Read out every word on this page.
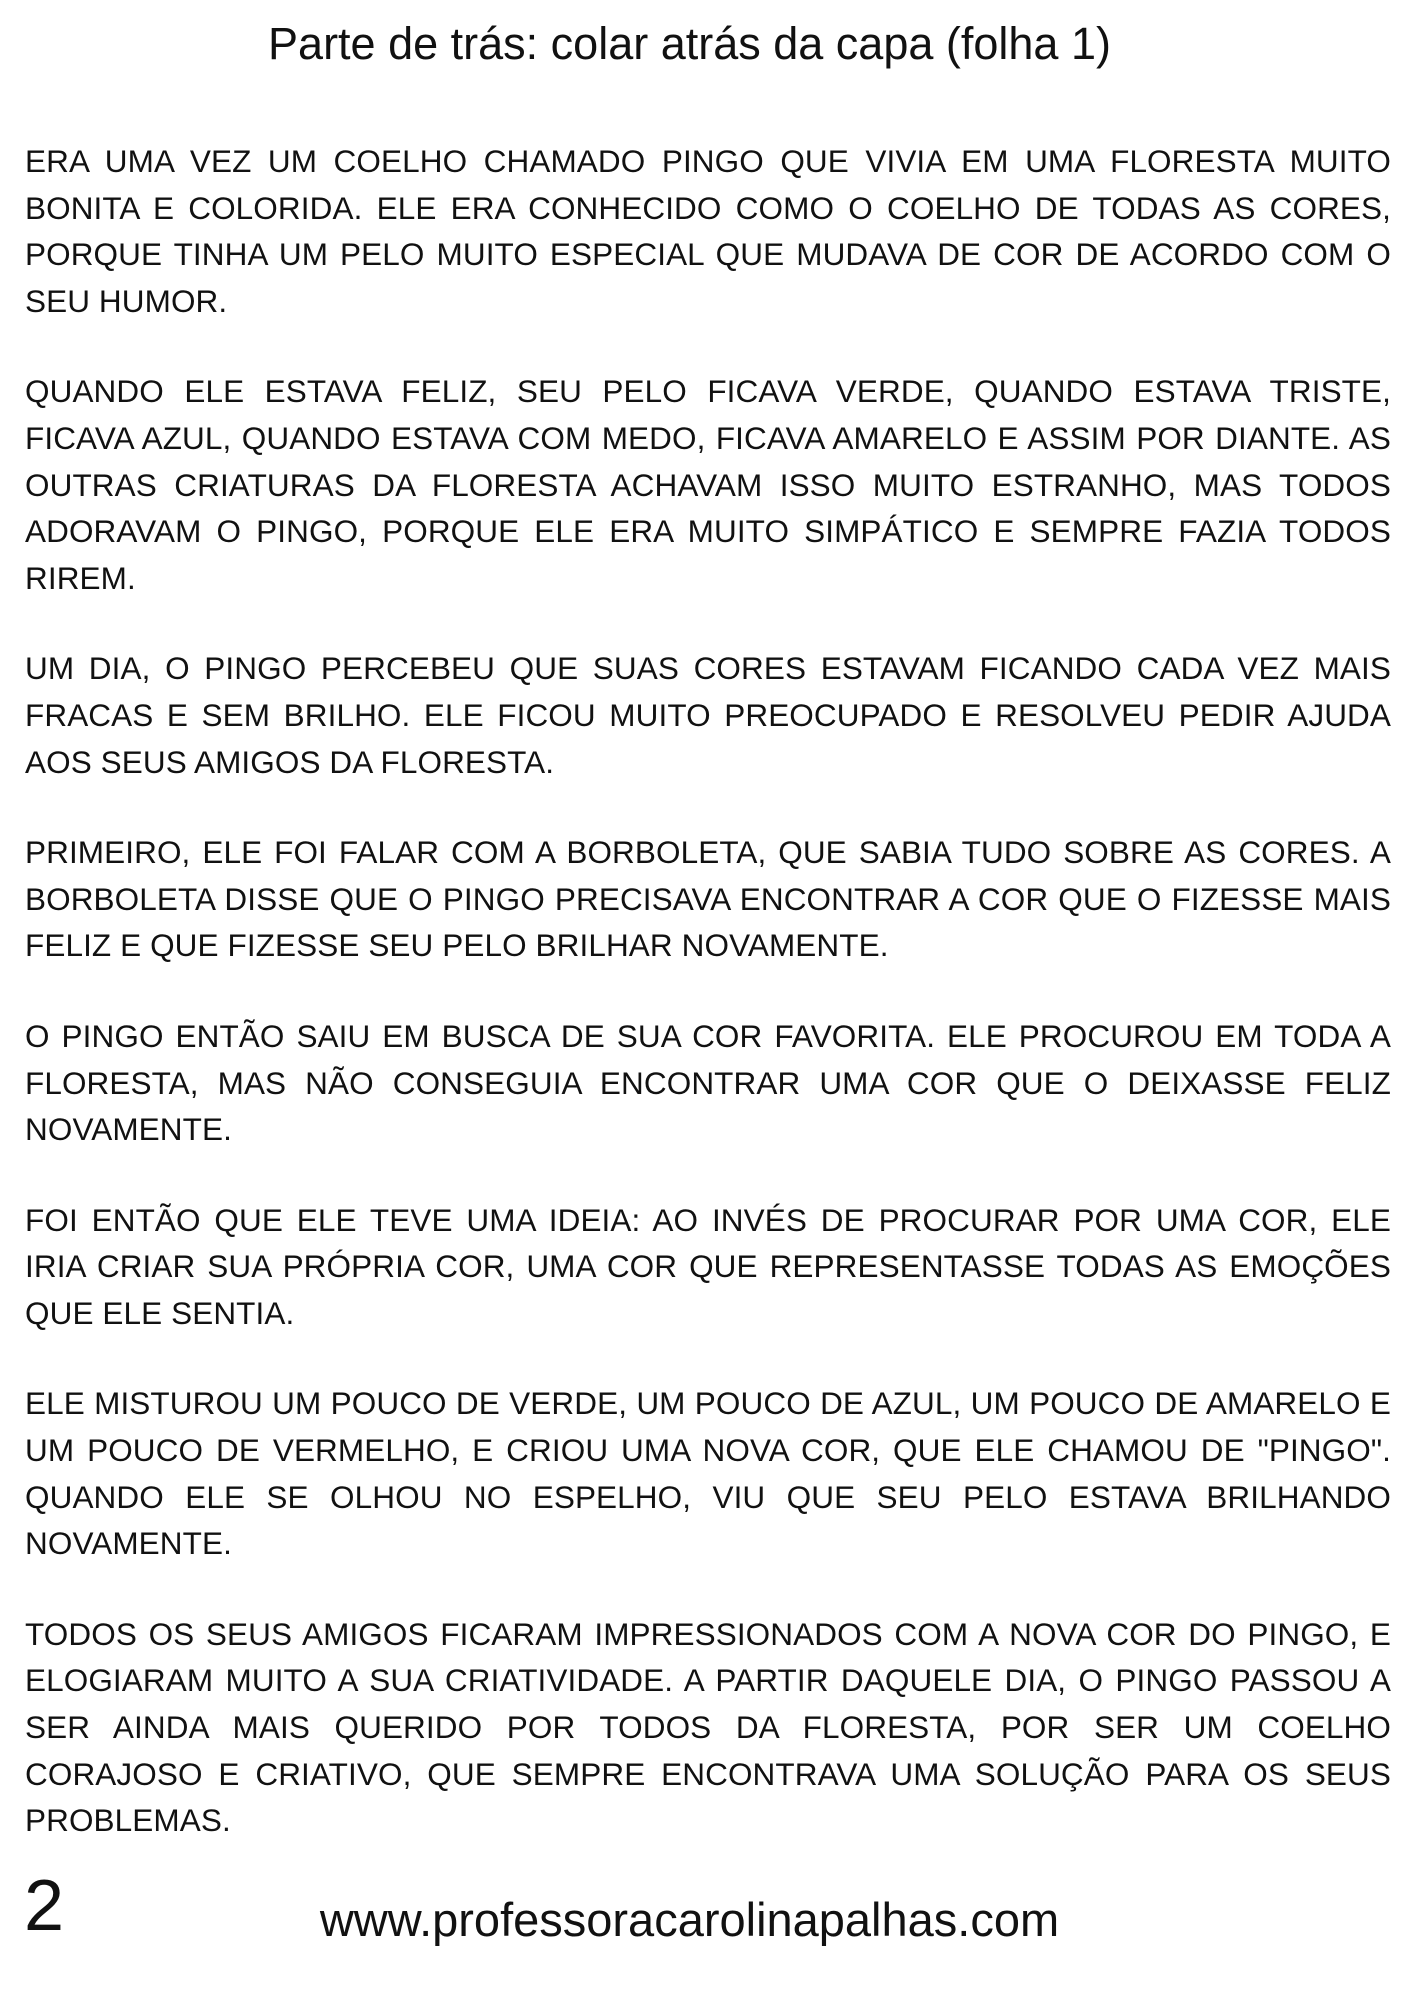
Parte de trás: colar atrás da capa (folha 1)

ERA UMA VEZ UM COELHO CHAMADO PINGO QUE VIVIA EM UMA FLORESTA MUITO BONITA E COLORIDA. ELE ERA CONHECIDO COMO O COELHO DE TODAS AS CORES, PORQUE TINHA UM PELO MUITO ESPECIAL QUE MUDAVA DE COR DE ACORDO COM O SEU HUMOR.

QUANDO ELE ESTAVA FELIZ, SEU PELO FICAVA VERDE, QUANDO ESTAVA TRISTE, FICAVA AZUL, QUANDO ESTAVA COM MEDO, FICAVA AMARELO E ASSIM POR DIANTE. AS OUTRAS CRIATURAS DA FLORESTA ACHAVAM ISSO MUITO ESTRANHO, MAS TODOS ADORAVAM O PINGO, PORQUE ELE ERA MUITO SIMPÁTICO E SEMPRE FAZIA TODOS RIREM.

UM DIA, O PINGO PERCEBEU QUE SUAS CORES ESTAVAM FICANDO CADA VEZ MAIS FRACAS E SEM BRILHO. ELE FICOU MUITO PREOCUPADO E RESOLVEU PEDIR AJUDA AOS SEUS AMIGOS DA FLORESTA.

PRIMEIRO, ELE FOI FALAR COM A BORBOLETA, QUE SABIA TUDO SOBRE AS CORES. A BORBOLETA DISSE QUE O PINGO PRECISAVA ENCONTRAR A COR QUE O FIZESSE MAIS FELIZ E QUE FIZESSE SEU PELO BRILHAR NOVAMENTE.

O PINGO ENTÃO SAIU EM BUSCA DE SUA COR FAVORITA. ELE PROCUROU EM TODA A FLORESTA, MAS NÃO CONSEGUIA ENCONTRAR UMA COR QUE O DEIXASSE FELIZ NOVAMENTE.

FOI ENTÃO QUE ELE TEVE UMA IDEIA: AO INVÉS DE PROCURAR POR UMA COR, ELE IRIA CRIAR SUA PRÓPRIA COR, UMA COR QUE REPRESENTASSE TODAS AS EMOÇÕES QUE ELE SENTIA.

ELE MISTUROU UM POUCO DE VERDE, UM POUCO DE AZUL, UM POUCO DE AMARELO E UM POUCO DE VERMELHO, E CRIOU UMA NOVA COR, QUE ELE CHAMOU DE "PINGO". QUANDO ELE SE OLHOU NO ESPELHO, VIU QUE SEU PELO ESTAVA BRILHANDO NOVAMENTE.

TODOS OS SEUS AMIGOS FICARAM IMPRESSIONADOS COM A NOVA COR DO PINGO, E ELOGIARAM MUITO A SUA CRIATIVIDADE. A PARTIR DAQUELE DIA, O PINGO PASSOU A SER AINDA MAIS QUERIDO POR TODOS DA FLORESTA, POR SER UM COELHO CORAJOSO E CRIATIVO, QUE SEMPRE ENCONTRAVA UMA SOLUÇÃO PARA OS SEUS PROBLEMAS.

2	www.professoracarolinapalhas.com
